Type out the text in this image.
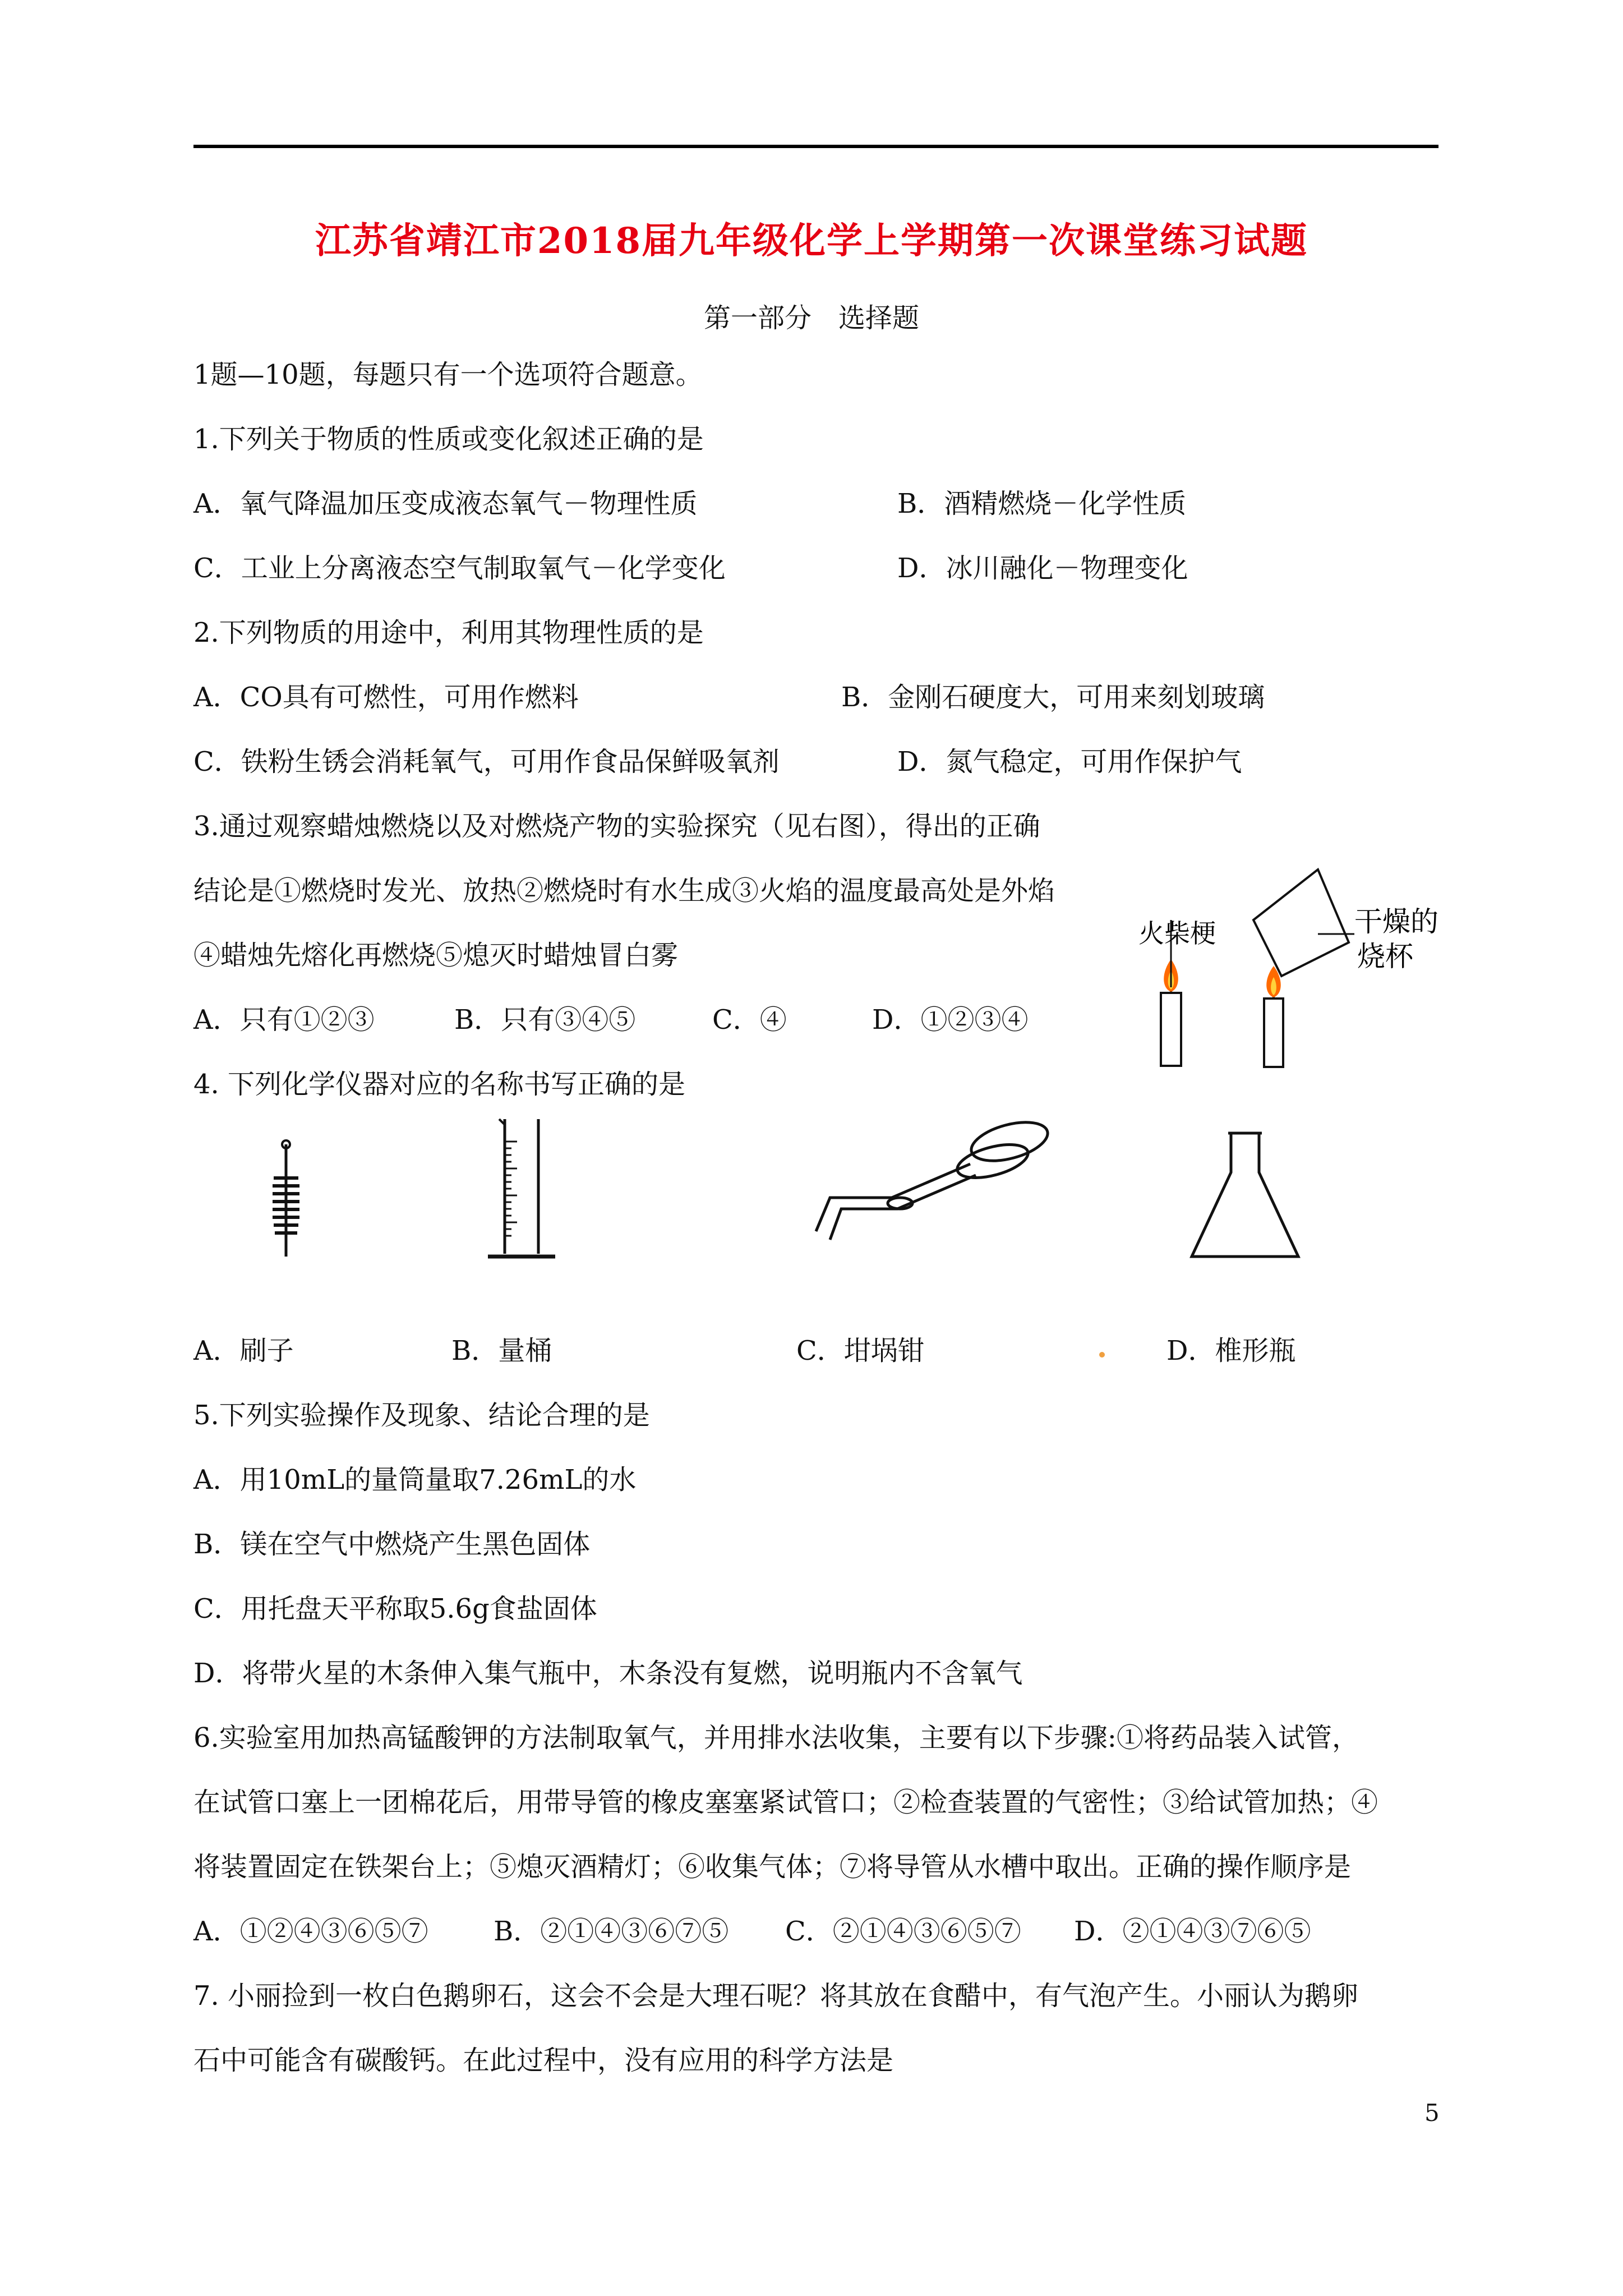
江苏省靖江市2018届九年级化学上学期第一次课堂练习试题
第一部分　选择题
1题—10题，每题只有一个选项符合题意。
1.下列关于物质的性质或变化叙述正确的是
A．氧气降温加压变成液态氧气－物理性质	B．酒精燃烧－化学性质
C．工业上分离液态空气制取氧气－化学变化	D．冰川融化－物理变化
2.下列物质的用途中，利用其物理性质的是
A．CO具有可燃性，可用作燃料	B．金刚石硬度大，可用来刻划玻璃
C．铁粉生锈会消耗氧气，可用作食品保鲜吸氧剂	D．氮气稳定，可用作保护气
3.通过观察蜡烛燃烧以及对燃烧产物的实验探究（见右图），得出的正确
结论是①燃烧时发光、放热②燃烧时有水生成③火焰的温度最高处是外焰
④蜡烛先熔化再燃烧⑤熄灭时蜡烛冒白雾
A．只有①②③	B．只有③④⑤	C．④	D．①②③④
火柴梗	干燥的
烧杯
4. 下列化学仪器对应的名称书写正确的是
A．刷子	B．量桶	C．坩埚钳	D．椎形瓶
5.下列实验操作及现象、结论合理的是
A．用10mL的量筒量取7.26mL的水
B．镁在空气中燃烧产生黑色固体
C．用托盘天平称取5.6g食盐固体
D．将带火星的木条伸入集气瓶中，木条没有复燃，说明瓶内不含氧气
6.实验室用加热高锰酸钾的方法制取氧气，并用排水法收集，主要有以下步骤:①将药品装入试管，
在试管口塞上一团棉花后，用带导管的橡皮塞塞紧试管口；②检查装置的气密性；③给试管加热；④
将装置固定在铁架台上；⑤熄灭酒精灯；⑥收集气体；⑦将导管从水槽中取出。正确的操作顺序是
A．①②④③⑥⑤⑦ B．②①④③⑥⑦⑤ C．②①④③⑥⑤⑦ D．②①④③⑦⑥⑤
7. 小丽捡到一枚白色鹅卵石，这会不会是大理石呢？将其放在食醋中，有气泡产生。小丽认为鹅卵
石中可能含有碳酸钙。在此过程中，没有应用的科学方法是
5
